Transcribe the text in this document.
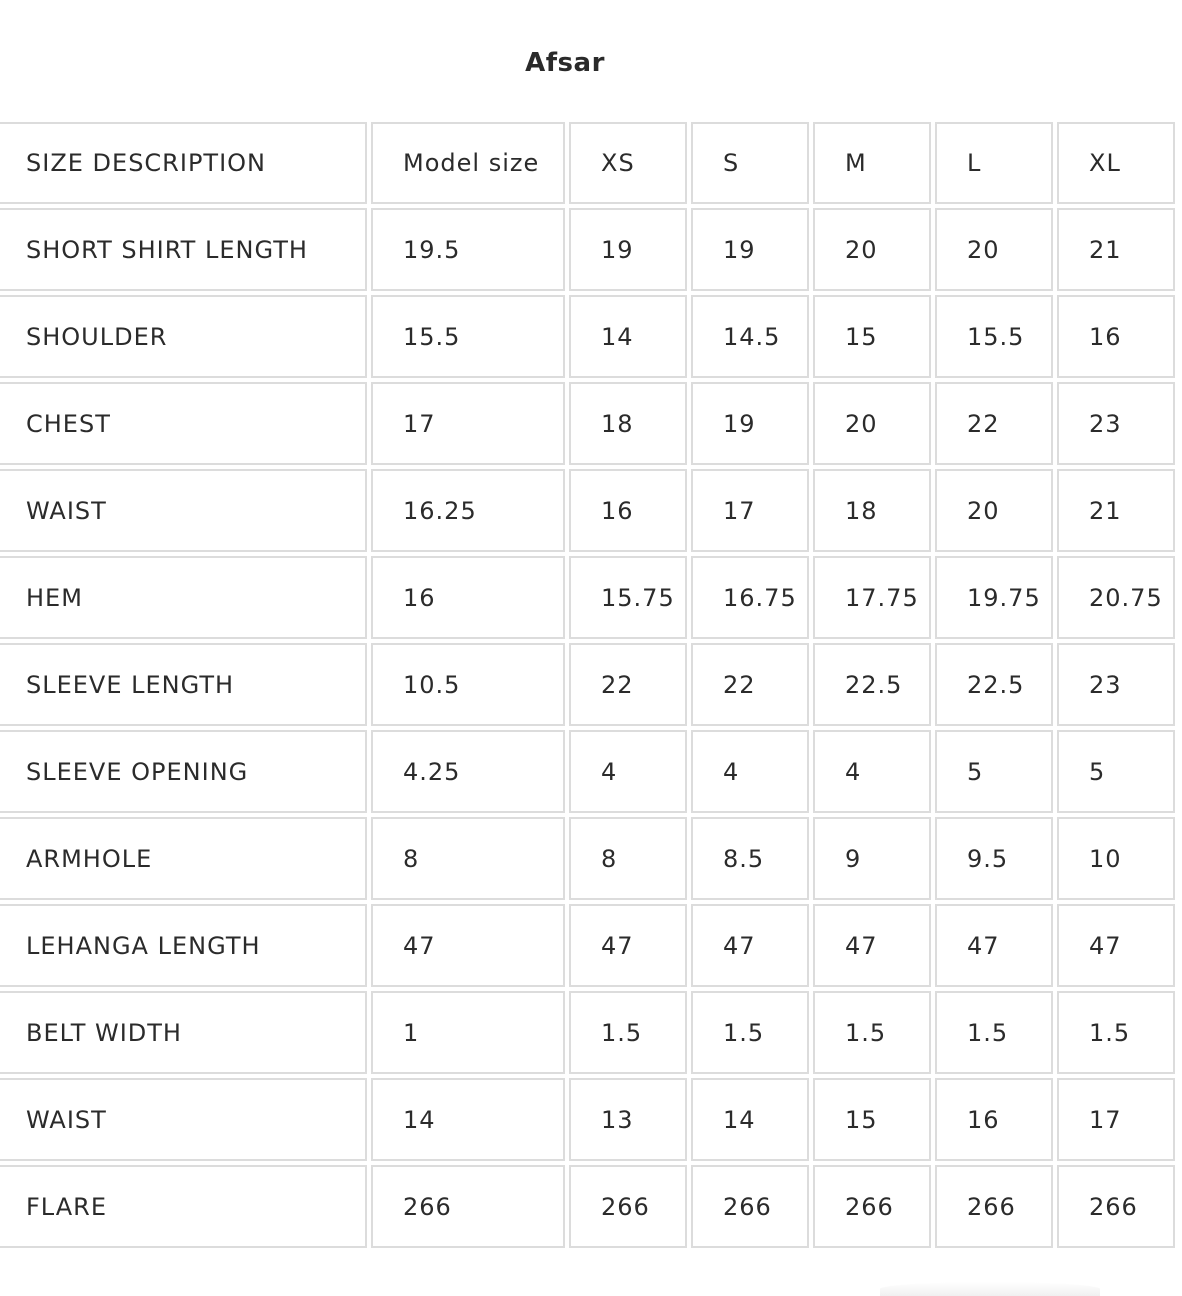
Afsar
SIZE DESCRIPTION	Model size	XS	S	M	L	XL
SHORT SHIRT LENGTH	19.5	19	19	20	20	21
SHOULDER	15.5	14	14.5	15	15.5	16
CHEST	17	18	19	20	22	23
WAIST	16.25	16	17	18	20	21
HEM	16	15.75	16.75	17.75	19.75	20.75
SLEEVE LENGTH	10.5	22	22	22.5	22.5	23
SLEEVE OPENING	4.25	4	4	4	5	5
ARMHOLE	8	8	8.5	9	9.5	10
LEHANGA LENGTH	47	47	47	47	47	47
BELT WIDTH	1	1.5	1.5	1.5	1.5	1.5
WAIST	14	13	14	15	16	17
FLARE	266	266	266	266	266	266
